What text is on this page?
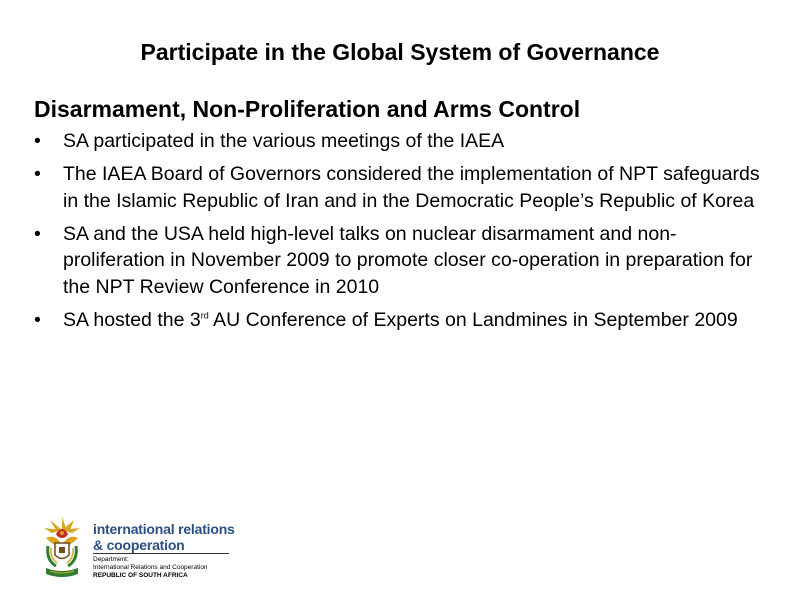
Participate in the Global System of Governance
Disarmament, Non-Proliferation and Arms Control
• SA participated in the various meetings of the IAEA
• The IAEA Board of Governors considered the implementation of NPT safeguards in the Islamic Republic of Iran and in the Democratic People’s Republic of Korea
• SA and the USA held high-level talks on nuclear disarmament and non-proliferation in November 2009 to promote closer co-operation in preparation for the NPT Review Conference in 2010
• SA hosted the 3rd AU Conference of Experts on Landmines in September 2009
international relations
& cooperation
Department:
International Relations and Cooperation
REPUBLIC OF SOUTH AFRICA
